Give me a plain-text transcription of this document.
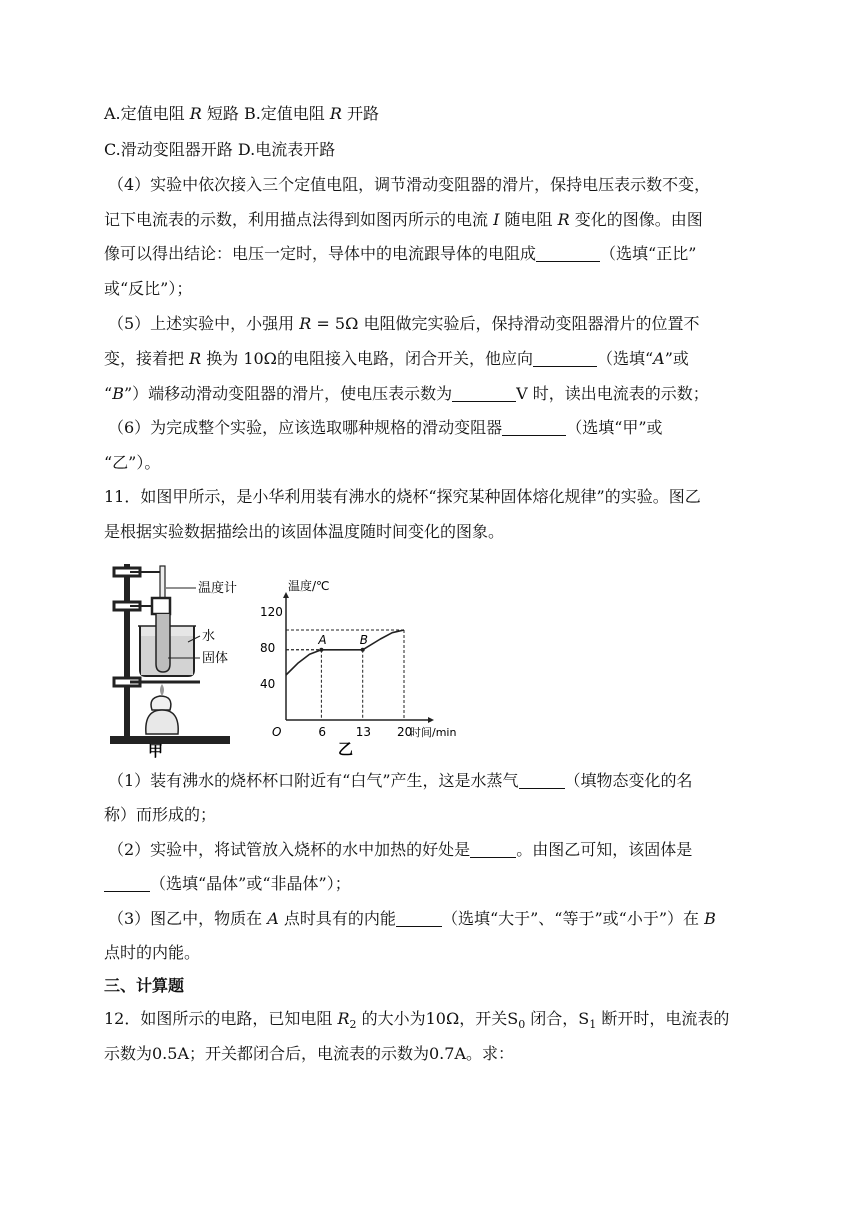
A.定值电阻 R 短路 B.定值电阻 R 开路
C.滑动变阻器开路 D.电流表开路
（4）实验中依次接入三个定值电阻，调节滑动变阻器的滑片，保持电压表示数不变，
记下电流表的示数，利用描点法得到如图丙所示的电流 I 随电阻 R 变化的图像。由图
像可以得出结论：电压一定时，导体中的电流跟导体的电阻成	（选填“正比”
或“反比”）；
（5）上述实验中，小强用 R = 5Ω 电阻做完实验后，保持滑动变阻器滑片的位置不
变，接着把 R 换为 10Ω的电阻接入电路，闭合开关，他应向	（选填“A”或
“B”）端移动滑动变阻器的滑片，使电压表示数为	V 时，读出电流表的示数；
（6）为完成整个实验，应该选取哪种规格的滑动变阻器	（选填“甲”或
“乙”）。
11．如图甲所示，是小华利用装有沸水的烧杯“探究某种固体熔化规律”的实验。图乙
是根据实验数据描绘出的该固体温度随时间变化的图象。
温度计
水
固体
甲
温度/℃
时间/min
O
40
80
120
6 13 20
A	B
乙
（1）装有沸水的烧杯杯口附近有“白气”产生，这是水蒸气	（填物态变化的名
称）而形成的；
（2）实验中，将试管放入烧杯的水中加热的好处是	。由图乙可知，该固体是
（选填“晶体”或“非晶体”）；
（3）图乙中，物质在 A 点时具有的内能	（选填“大于”、“等于”或“小于”）在 B
点时的内能。
三、计算题
12．如图所示的电路，已知电阻 $R_2$ 的大小为10Ω，开关$S_0$ 闭合，$S_1$ 断开时，电流表的
示数为0.5A；开关都闭合后，电流表的示数为0.7A。求：
